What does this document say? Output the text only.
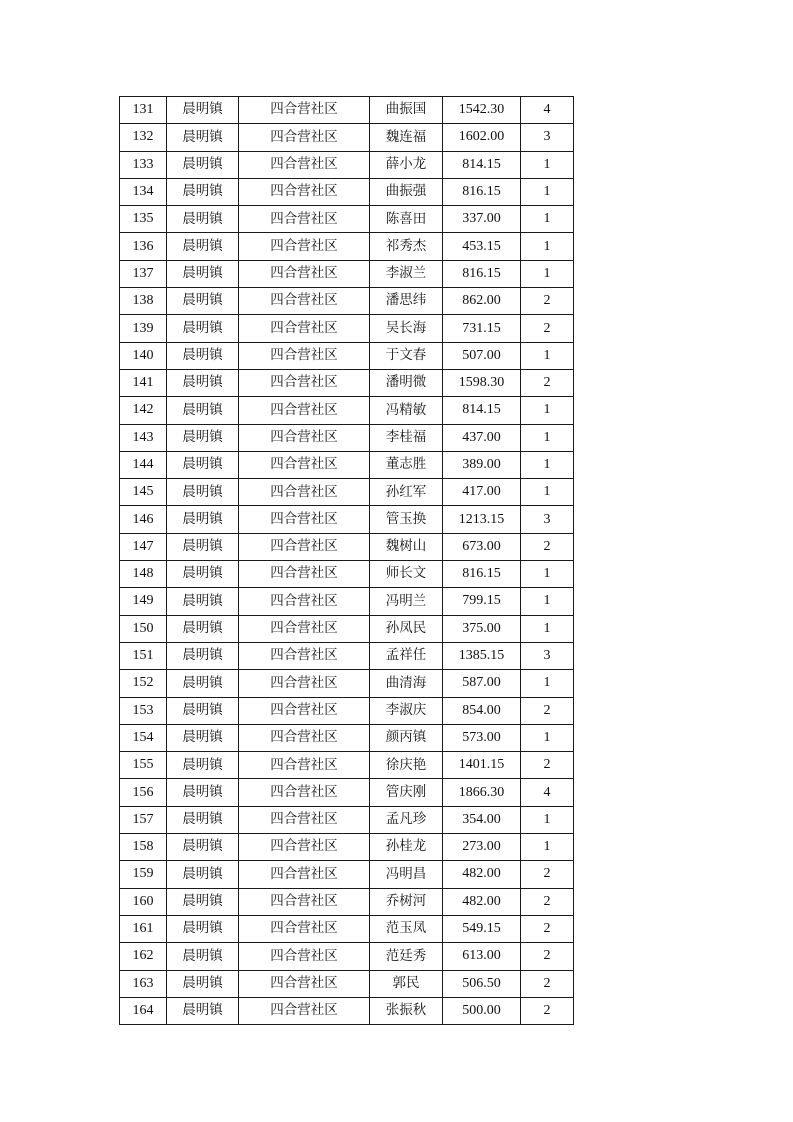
131	晨明镇	四合营社区	曲振国	1542.30	4
132	晨明镇	四合营社区	魏连福	1602.00	3
133	晨明镇	四合营社区	薛小龙	814.15	1
134	晨明镇	四合营社区	曲振强	816.15	1
135	晨明镇	四合营社区	陈喜田	337.00	1
136	晨明镇	四合营社区	祁秀杰	453.15	1
137	晨明镇	四合营社区	李淑兰	816.15	1
138	晨明镇	四合营社区	潘思纬	862.00	2
139	晨明镇	四合营社区	吴长海	731.15	2
140	晨明镇	四合营社区	于文春	507.00	1
141	晨明镇	四合营社区	潘明微	1598.30	2
142	晨明镇	四合营社区	冯精敏	814.15	1
143	晨明镇	四合营社区	李桂福	437.00	1
144	晨明镇	四合营社区	董志胜	389.00	1
145	晨明镇	四合营社区	孙红军	417.00	1
146	晨明镇	四合营社区	管玉换	1213.15	3
147	晨明镇	四合营社区	魏树山	673.00	2
148	晨明镇	四合营社区	师长文	816.15	1
149	晨明镇	四合营社区	冯明兰	799.15	1
150	晨明镇	四合营社区	孙凤民	375.00	1
151	晨明镇	四合营社区	孟祥任	1385.15	3
152	晨明镇	四合营社区	曲清海	587.00	1
153	晨明镇	四合营社区	李淑庆	854.00	2
154	晨明镇	四合营社区	颜丙镇	573.00	1
155	晨明镇	四合营社区	徐庆艳	1401.15	2
156	晨明镇	四合营社区	管庆刚	1866.30	4
157	晨明镇	四合营社区	孟凡珍	354.00	1
158	晨明镇	四合营社区	孙桂龙	273.00	1
159	晨明镇	四合营社区	冯明昌	482.00	2
160	晨明镇	四合营社区	乔树河	482.00	2
161	晨明镇	四合营社区	范玉凤	549.15	2
162	晨明镇	四合营社区	范廷秀	613.00	2
163	晨明镇	四合营社区	郭民	506.50	2
164	晨明镇	四合营社区	张振秋	500.00	2
